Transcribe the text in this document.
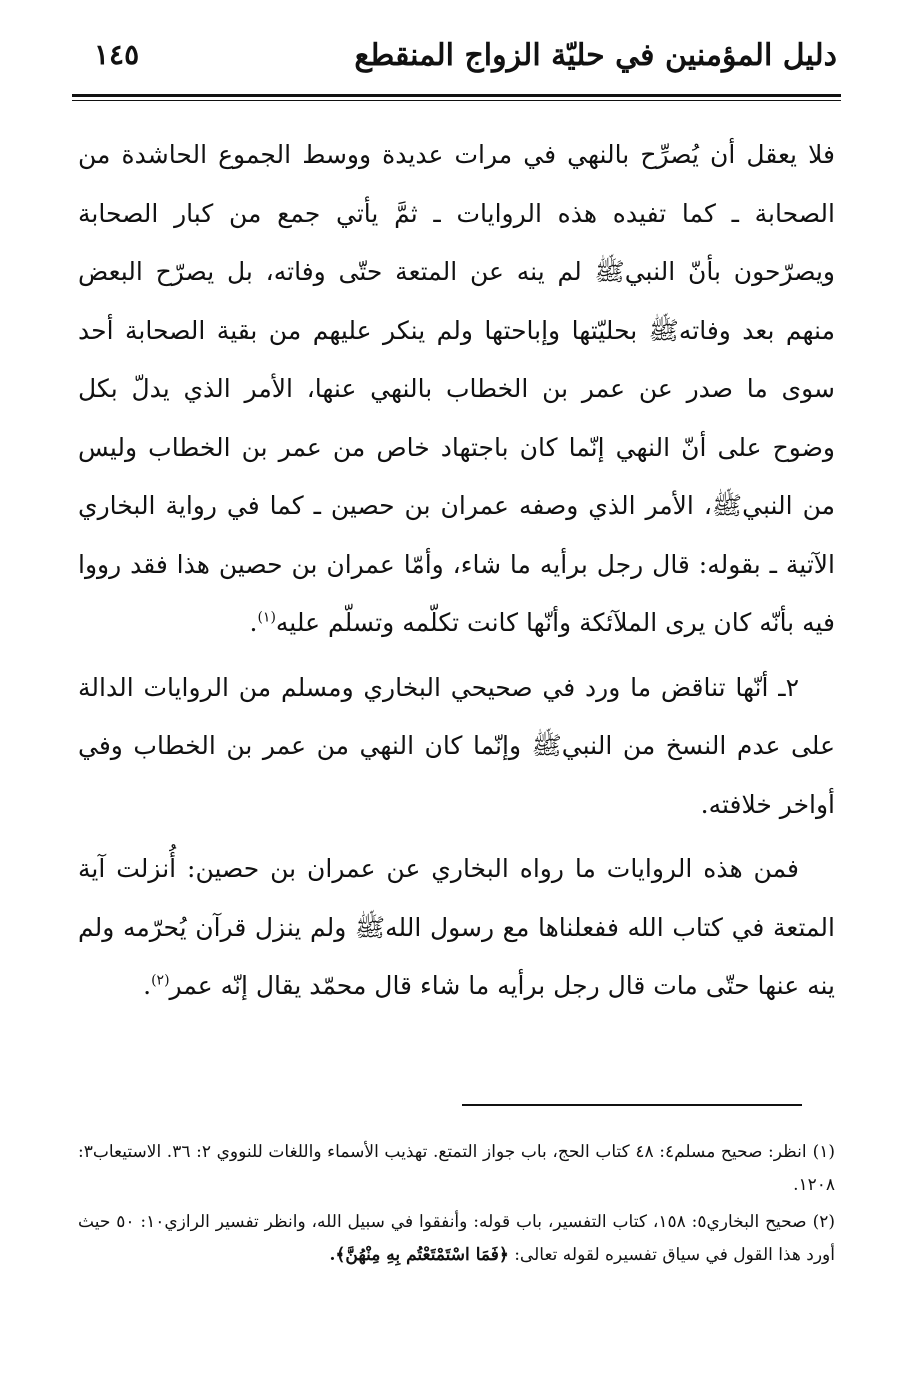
دليل المؤمنين في حليّة الزواج المنقطع
١٤٥

فلا يعقل أن يُصرِّح بالنهي في مرات عديدة ووسط الجموع الحاشدة من الصحابة ـ كما تفيده هذه الروايات ـ ثمَّ يأتي جمع من كبار الصحابة ويصرّحون بأنّ النبيﷺ لم ينه عن المتعة حتّى وفاته، بل يصرّح البعض منهم بعد وفاتهﷺ بحليّتها وإباحتها ولم ينكر عليهم من بقية الصحابة أحد سوى ما صدر عن عمر بن الخطاب بالنهي عنها، الأمر الذي يدلّ بكل وضوح على أنّ النهي إنّما كان باجتهاد خاص من عمر بن الخطاب وليس من النبيﷺ، الأمر الذي وصفه عمران بن حصين ـ كما في رواية البخاري الآتية ـ بقوله: قال رجل برأيه ما شاء، وأمّا عمران بن حصين هذا فقد رووا فيه بأنّه كان يرى الملآئكة وأنّها كانت تكلّمه وتسلّم عليه$^{(١)}$.

٢ـ أنّها تناقض ما ورد في صحيحي البخاري ومسلم من الروايات الدالة على عدم النسخ من النبيﷺ وإنّما كان النهي من عمر بن الخطاب وفي أواخر خلافته.

فمن هذه الروايات ما رواه البخاري عن عمران بن حصين: أُنزلت آية المتعة في كتاب الله ففعلناها مع رسول اللهﷺ ولم ينزل قرآن يُحرّمه ولم ينه عنها حتّى مات قال رجل برأيه ما شاء قال محمّد يقال إنّه عمر$^{(٢)}$.

(١)انظر: صحيح مسلم٤: ٤٨ كتاب الحج، باب جواز التمتع. تهذيب الأسماء واللغات للنووي ٢: ٣٦. الاستيعاب٣: ١٢٠٨.

(٢)صحيح البخاري٥: ١٥٨، كتاب التفسير، باب قوله: وأنفقوا في سبيل الله، وانظر تفسير الرازي١٠: ٥٠ حيث أورد هذا القول في سياق تفسيره لقوله تعالى: ﴿فَمَا اسْتَمْتَعْتُم بِهِ مِنْهُنَّ﴾.
